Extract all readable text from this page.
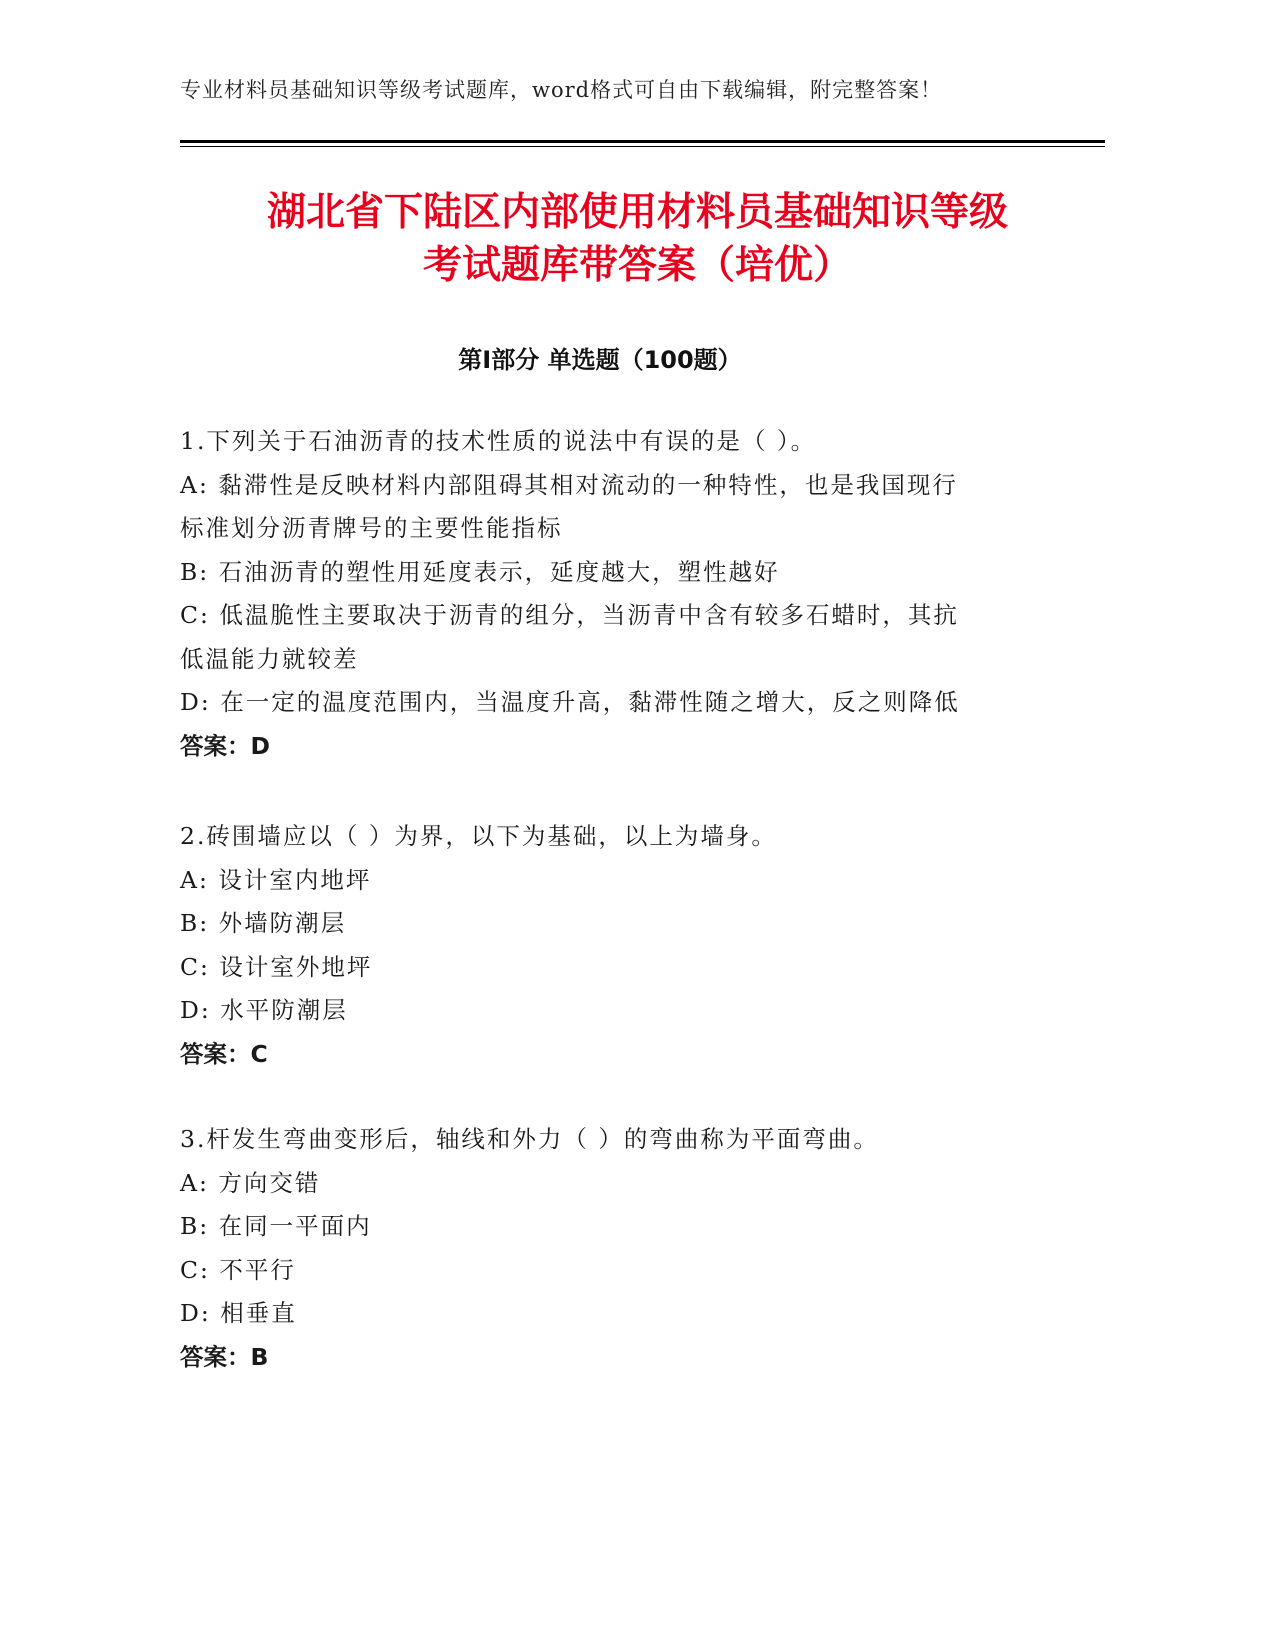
专业材料员基础知识等级考试题库，word格式可自由下载编辑，附完整答案！
湖北省下陆区内部使用材料员基础知识等级
考试题库带答案（培优）
第Ⅰ部分 单选题（100题）
1.下列关于石油沥青的技术性质的说法中有误的是（ ）。
A: 黏滞性是反映材料内部阻碍其相对流动的一种特性，也是我国现行
标准划分沥青牌号的主要性能指标
B: 石油沥青的塑性用延度表示，延度越大，塑性越好
C: 低温脆性主要取决于沥青的组分，当沥青中含有较多石蜡时，其抗
低温能力就较差
D: 在一定的温度范围内，当温度升高，黏滞性随之增大，反之则降低
答案：D
2.砖围墙应以（ ）为界，以下为基础，以上为墙身。
A: 设计室内地坪
B: 外墙防潮层
C: 设计室外地坪
D: 水平防潮层
答案：C
3.杆发生弯曲变形后，轴线和外力（ ）的弯曲称为平面弯曲。
A: 方向交错
B: 在同一平面内
C: 不平行
D: 相垂直
答案：B
